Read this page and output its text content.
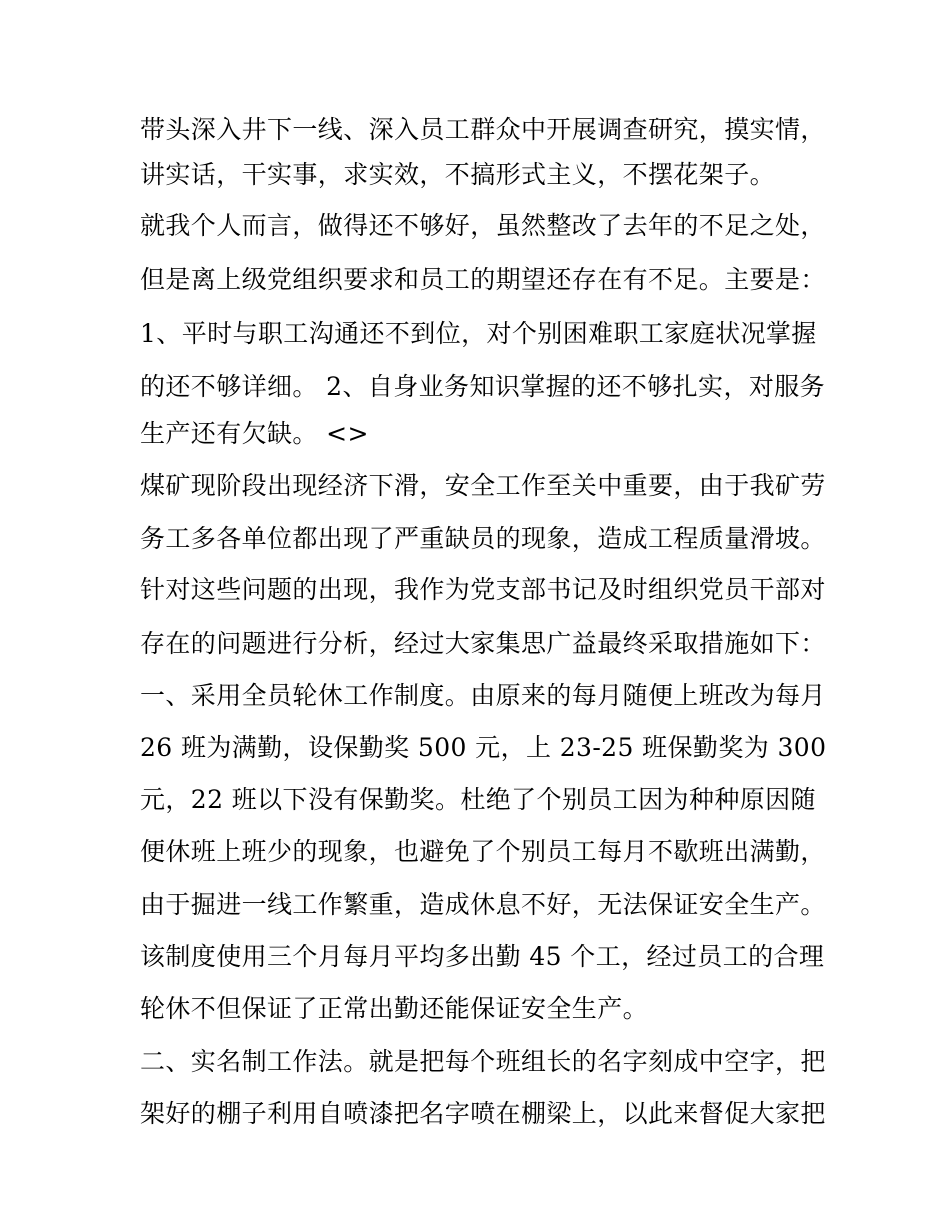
带头深入井下一线、深入员工群众中开展调查研究，摸实情，
讲实话，干实事，求实效，不搞形式主义，不摆花架子。
就我个人而言，做得还不够好，虽然整改了去年的不足之处，
但是离上级党组织要求和员工的期望还存在有不足。主要是：
1、平时与职工沟通还不到位，对个别困难职工家庭状况掌握
的还不够详细。 2、自身业务知识掌握的还不够扎实，对服务
生产还有欠缺。 <>
煤矿现阶段出现经济下滑，安全工作至关中重要，由于我矿劳
务工多各单位都出现了严重缺员的现象，造成工程质量滑坡。
针对这些问题的出现，我作为党支部书记及时组织党员干部对
存在的问题进行分析，经过大家集思广益最终采取措施如下：
一、采用全员轮休工作制度。由原来的每月随便上班改为每月
26 班为满勤，设保勤奖 500 元，上 23-25 班保勤奖为 300
元，22 班以下没有保勤奖。杜绝了个别员工因为种种原因随
便休班上班少的现象，也避免了个别员工每月不歇班出满勤，
由于掘进一线工作繁重，造成休息不好，无法保证安全生产。
该制度使用三个月每月平均多出勤 45 个工，经过员工的合理
轮休不但保证了正常出勤还能保证安全生产。
二、实名制工作法。就是把每个班组长的名字刻成中空字，把
架好的棚子利用自喷漆把名字喷在棚梁上，以此来督促大家把
